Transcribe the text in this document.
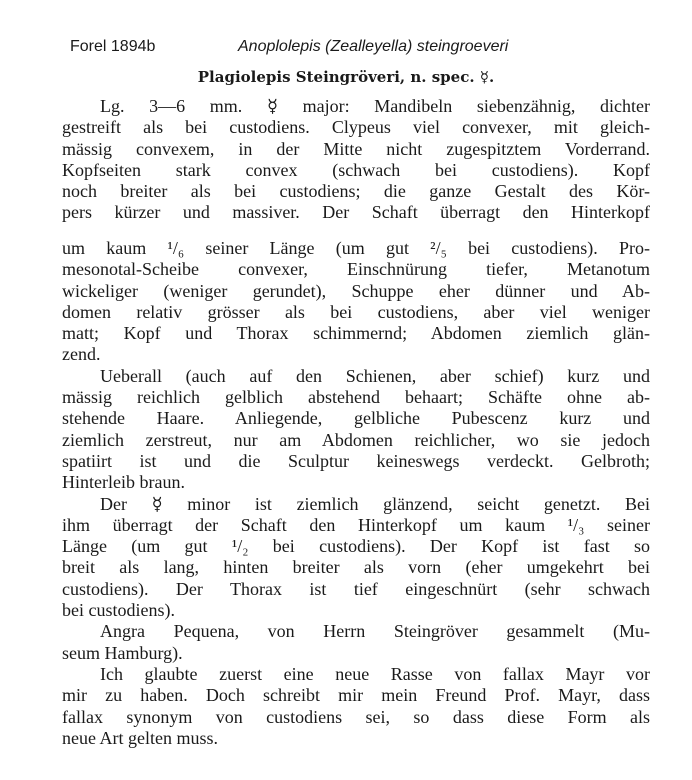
Forel 1894b	Anoplolepis (Zealleyella) steingroeveri
Plagiolepis Steingröveri, n. spec. ☿.
Lg. 3—6 mm. ☿ major: Mandibeln siebenzähnig, dichter
gestreift als bei custodiens. Clypeus viel convexer, mit gleich-
mässig convexem, in der Mitte nicht zugespitztem Vorderrand.
Kopfseiten stark convex (schwach bei custodiens). Kopf
noch breiter als bei custodiens; die ganze Gestalt des Kör-
pers kürzer und massiver. Der Schaft überragt den Hinterkopf
um kaum ¹/₆ seiner Länge (um gut ²/₅ bei custodiens). Pro-
mesonotal-Scheibe convexer, Einschnürung tiefer, Metanotum
wickeliger (weniger gerundet), Schuppe eher dünner und Ab-
domen relativ grösser als bei custodiens, aber viel weniger
matt; Kopf und Thorax schimmernd; Abdomen ziemlich glän-
zend.
Ueberall (auch auf den Schienen, aber schief) kurz und
mässig reichlich gelblich abstehend behaart; Schäfte ohne ab-
stehende Haare. Anliegende, gelbliche Pubescenz kurz und
ziemlich zerstreut, nur am Abdomen reichlicher, wo sie jedoch
spatiirt ist und die Sculptur keineswegs verdeckt. Gelbroth;
Hinterleib braun.
Der ☿ minor ist ziemlich glänzend, seicht genetzt. Bei
ihm überragt der Schaft den Hinterkopf um kaum ¹/₃ seiner
Länge (um gut ¹/₂ bei custodiens). Der Kopf ist fast so
breit als lang, hinten breiter als vorn (eher umgekehrt bei
custodiens). Der Thorax ist tief eingeschnürt (sehr schwach
bei custodiens).
Angra Pequena, von Herrn Steingröver gesammelt (Mu-
seum Hamburg).
Ich glaubte zuerst eine neue Rasse von fallax Mayr vor
mir zu haben. Doch schreibt mir mein Freund Prof. Mayr, dass
fallax synonym von custodiens sei, so dass diese Form als
neue Art gelten muss.
